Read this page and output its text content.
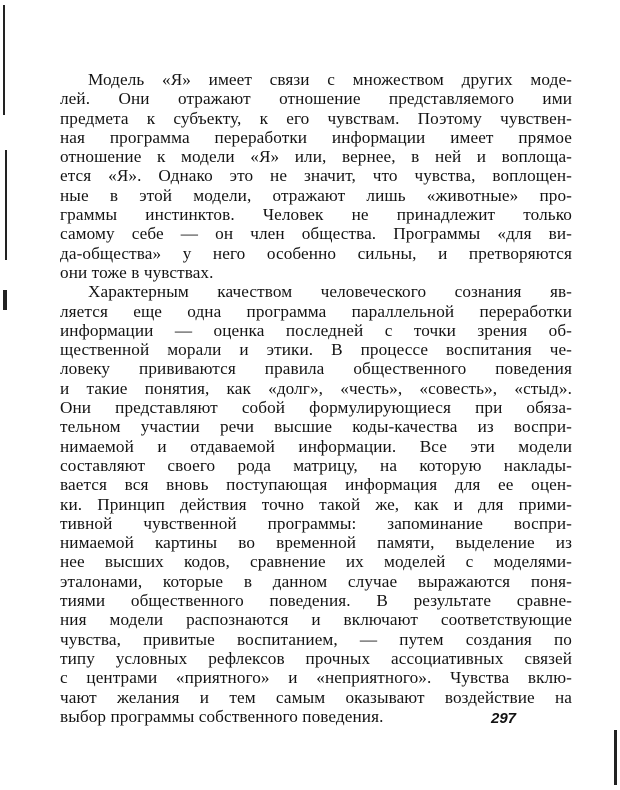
Модель «Я» имеет связи с множеством других моде-
лей. Они отражают отношение представляемого ими
предмета к субъекту, к его чувствам. Поэтому чувствен-
ная программа переработки информации имеет прямое
отношение к модели «Я» или, вернее, в ней и воплоща-
ется «Я». Однако это не значит, что чувства, воплощен-
ные в этой модели, отражают лишь «животные» про-
граммы инстинктов. Человек не принадлежит только
самому себе — он член общества. Программы «для ви-
да-общества» у него особенно сильны, и претворяются
они тоже в чувствах.
Характерным качеством человеческого сознания яв-
ляется еще одна программа параллельной переработки
информации — оценка последней с точки зрения об-
щественной морали и этики. В процессе воспитания че-
ловеку прививаются правила общественного поведения
и такие понятия, как «долг», «честь», «совесть», «стыд».
Они представляют собой формулирующиеся при обяза-
тельном участии речи высшие коды-качества из воспри-
нимаемой и отдаваемой информации. Все эти модели
составляют своего рода матрицу, на которую наклады-
вается вся вновь поступающая информация для ее оцен-
ки. Принцип действия точно такой же, как и для прими-
тивной чувственной программы: запоминание воспри-
нимаемой картины во временной памяти, выделение из
нее высших кодов, сравнение их моделей с моделями-
эталонами, которые в данном случае выражаются поня-
тиями общественного поведения. В результате сравне-
ния модели распознаются и включают соответствующие
чувства, привитые воспитанием, — путем создания по
типу условных рефлексов прочных ассоциативных связей
с центрами «приятного» и «неприятного». Чувства вклю-
чают желания и тем самым оказывают воздействие на
выбор программы собственного поведения.	297
